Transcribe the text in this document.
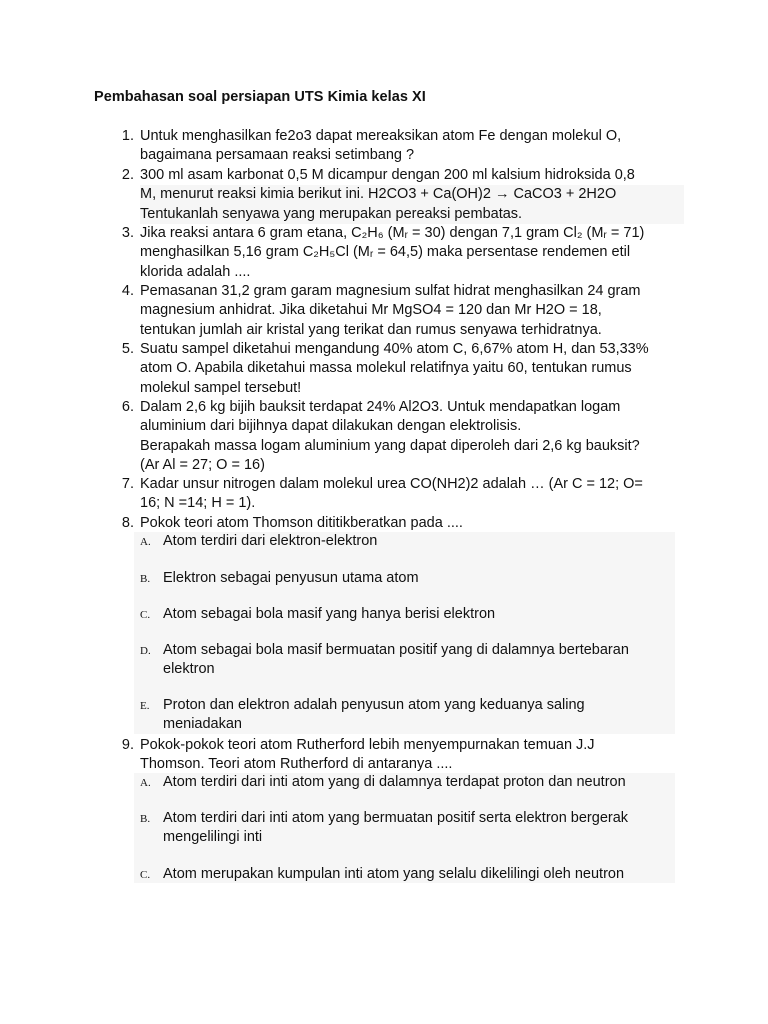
Pembahasan soal persiapan UTS Kimia kelas XI
1. Untuk menghasilkan fe2o3 dapat mereaksikan atom Fe dengan molekul O,
bagaimana persamaan reaksi setimbang ?
2. 300 ml asam karbonat 0,5 M dicampur dengan 200 ml kalsium hidroksida 0,8
M, menurut reaksi kimia berikut ini. H2CO3 + Ca(OH)2 → CaCO3 + 2H2O
Tentukanlah senyawa yang merupakan pereaksi pembatas.
3. Jika reaksi antara 6 gram etana, C₂H₆ (Mᵣ = 30) dengan 7,1 gram Cl₂ (Mᵣ = 71)
menghasilkan 5,16 gram C₂H₅Cl (Mᵣ = 64,5) maka persentase rendemen etil
klorida adalah ....
4. Pemasanan 31,2 gram garam magnesium sulfat hidrat menghasilkan 24 gram
magnesium anhidrat. Jika diketahui Mr MgSO4 = 120 dan Mr H2O = 18,
tentukan jumlah air kristal yang terikat dan rumus senyawa terhidratnya.
5. Suatu sampel diketahui mengandung 40% atom C, 6,67% atom H, dan 53,33%
atom O. Apabila diketahui massa molekul relatifnya yaitu 60, tentukan rumus
molekul sampel tersebut!
6. Dalam 2,6 kg bijih bauksit terdapat 24% Al2O3. Untuk mendapatkan logam
aluminium dari bijihnya dapat dilakukan dengan elektrolisis.
Berapakah massa logam aluminium yang dapat diperoleh dari 2,6 kg bauksit?
(Ar Al = 27; O = 16)
7. Kadar unsur nitrogen dalam molekul urea CO(NH2)2 adalah … (Ar C = 12; O=
16; N =14; H = 1).
8. Pokok teori atom Thomson dititikberatkan pada ....
A. Atom terdiri dari elektron-elektron
B. Elektron sebagai penyusun utama atom
C. Atom sebagai bola masif yang hanya berisi elektron
D. Atom sebagai bola masif bermuatan positif yang di dalamnya bertebaran
elektron
E. Proton dan elektron adalah penyusun atom yang keduanya saling
meniadakan
9. Pokok-pokok teori atom Rutherford lebih menyempurnakan temuan J.J
Thomson. Teori atom Rutherford di antaranya ....
A. Atom terdiri dari inti atom yang di dalamnya terdapat proton dan neutron
B. Atom terdiri dari inti atom yang bermuatan positif serta elektron bergerak
mengelilingi inti
C. Atom merupakan kumpulan inti atom yang selalu dikelilingi oleh neutron
